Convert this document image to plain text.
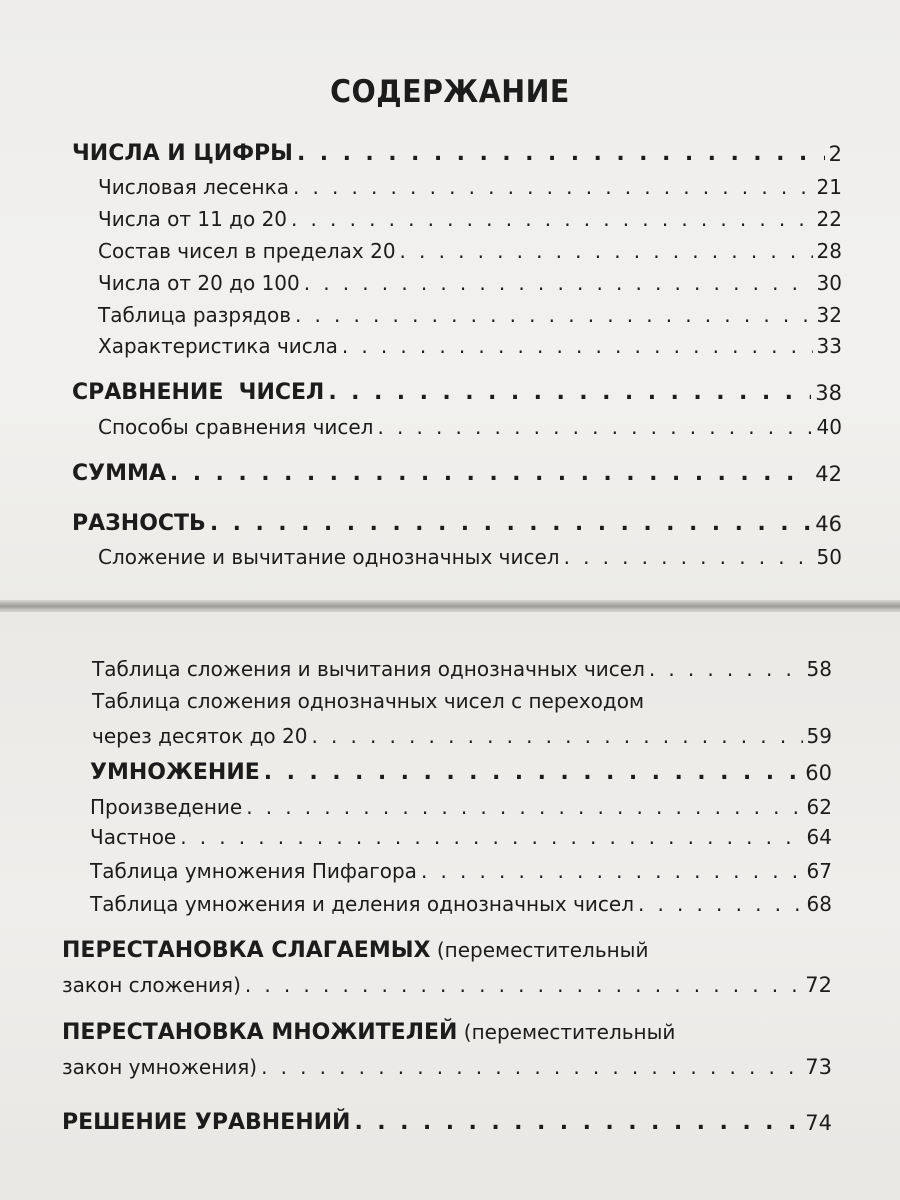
СОДЕРЖАНИЕ
ЧИСЛА И ЦИФРЫ . . .	2
Числовая лесенка . . .	21
Числа от 11 до 20 . . .	22
Состав чисел в пределах 20 . . .	28
Числа от 20 до 100 . . .	30
Таблица разрядов . . .	32
Характеристика числа . . .	33
СРАВНЕНИЕ  ЧИСЕЛ . . .	38
Способы сравнения чисел . . .	40
СУММА . . .	42
РАЗНОСТЬ . . .	46
Сложение и вычитание однозначных чисел . . .	50
Таблица сложения и вычитания однозначных чисел . . .	58
Таблица сложения однозначных чисел с переходом
через десяток до 20 . . .	59
УМНОЖЕНИЕ . . .	60
Произведение . . .	62
Частное . . .	64
Таблица умножения Пифагора . . .	67
Таблица умножения и деления однозначных чисел . . .	68
ПЕРЕСТАНОВКА СЛАГАЕМЫХ (переместительный
закон сложения) . . .	72
ПЕРЕСТАНОВКА МНОЖИТЕЛЕЙ (переместительный
закон умножения) . . .	73
РЕШЕНИЕ УРАВНЕНИЙ . . .	74
